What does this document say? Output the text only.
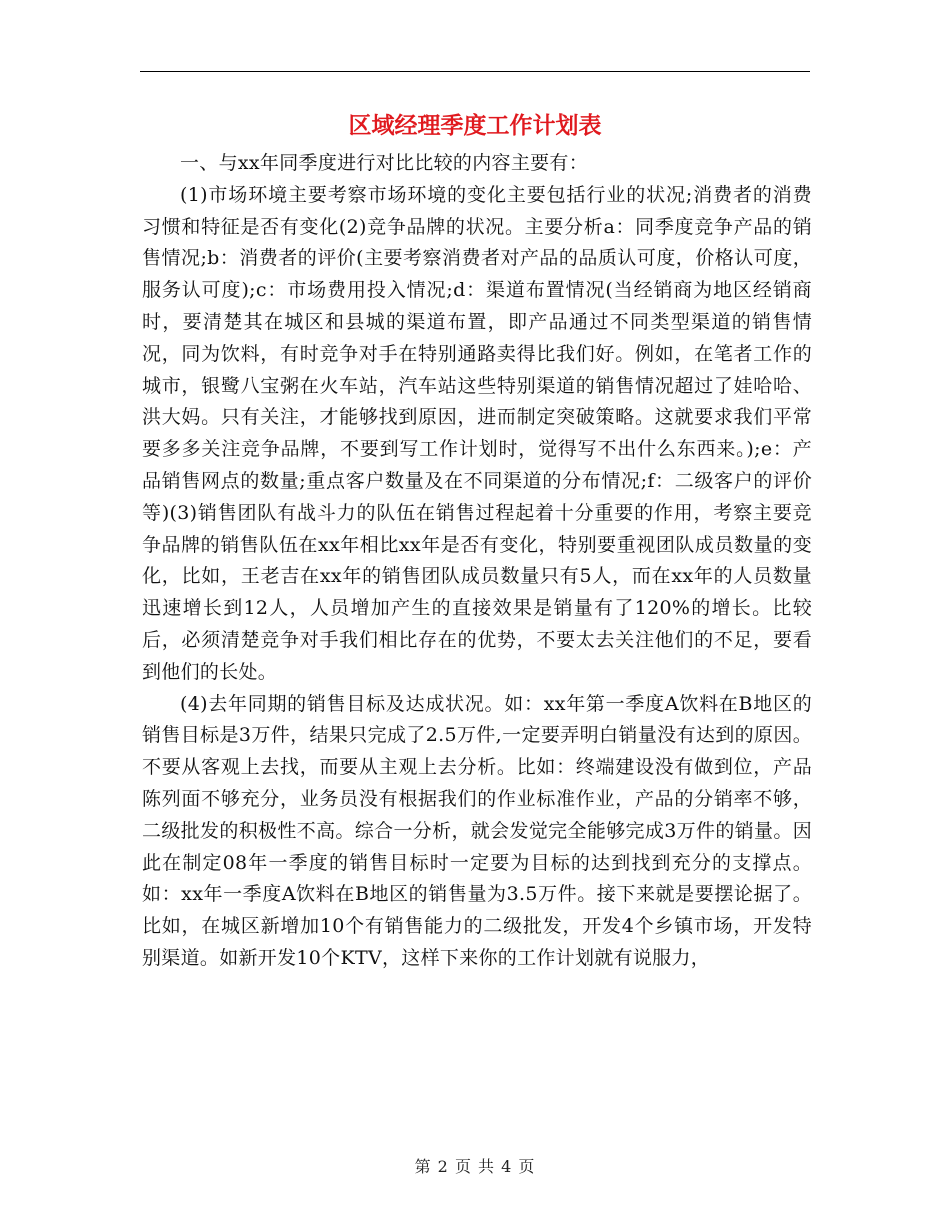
区域经理季度工作计划表

一、与xx年同季度进行对比比较的内容主要有：

(1)市场环境主要考察市场环境的变化主要包括行业的状况;消费者的消费习惯和特征是否有变化(2)竞争品牌的状况。主要分析a：同季度竞争产品的销售情况;b：消费者的评价(主要考察消费者对产品的品质认可度，价格认可度，服务认可度);c：市场费用投入情况;d：渠道布置情况(当经销商为地区经销商时，要清楚其在城区和县城的渠道布置，即产品通过不同类型渠道的销售情况，同为饮料，有时竞争对手在特别通路卖得比我们好。例如，在笔者工作的城市，银鹭八宝粥在火车站，汽车站这些特别渠道的销售情况超过了娃哈哈、洪大妈。只有关注，才能够找到原因，进而制定突破策略。这就要求我们平常要多多关注竞争品牌，不要到写工作计划时，觉得写不出什么东西来。);e：产品销售网点的数量;重点客户数量及在不同渠道的分布情况;f：二级客户的评价等)(3)销售团队有战斗力的队伍在销售过程起着十分重要的作用，考察主要竞争品牌的销售队伍在xx年相比xx年是否有变化，特别要重视团队成员数量的变化，比如，王老吉在xx年的销售团队成员数量只有5人，而在xx年的人员数量迅速增长到12人，人员增加产生的直接效果是销量有了120%的增长。比较后，必须清楚竞争对手我们相比存在的优势，不要太去关注他们的不足，要看到他们的长处。

(4)去年同期的销售目标及达成状况。如：xx年第一季度A饮料在B地区的销售目标是3万件，结果只完成了2.5万件,一定要弄明白销量没有达到的原因。不要从客观上去找，而要从主观上去分析。比如：终端建设没有做到位，产品陈列面不够充分，业务员没有根据我们的作业标准作业，产品的分销率不够，二级批发的积极性不高。综合一分析，就会发觉完全能够完成3万件的销量。因此在制定08年一季度的销售目标时一定要为目标的达到找到充分的支撑点。如：xx年一季度A饮料在B地区的销售量为3.5万件。接下来就是要摆论据了。比如，在城区新增加10个有销售能力的二级批发，开发4个乡镇市场，开发特别渠道。如新开发10个KTV，这样下来你的工作计划就有说服力，

第 2 页 共 4 页
